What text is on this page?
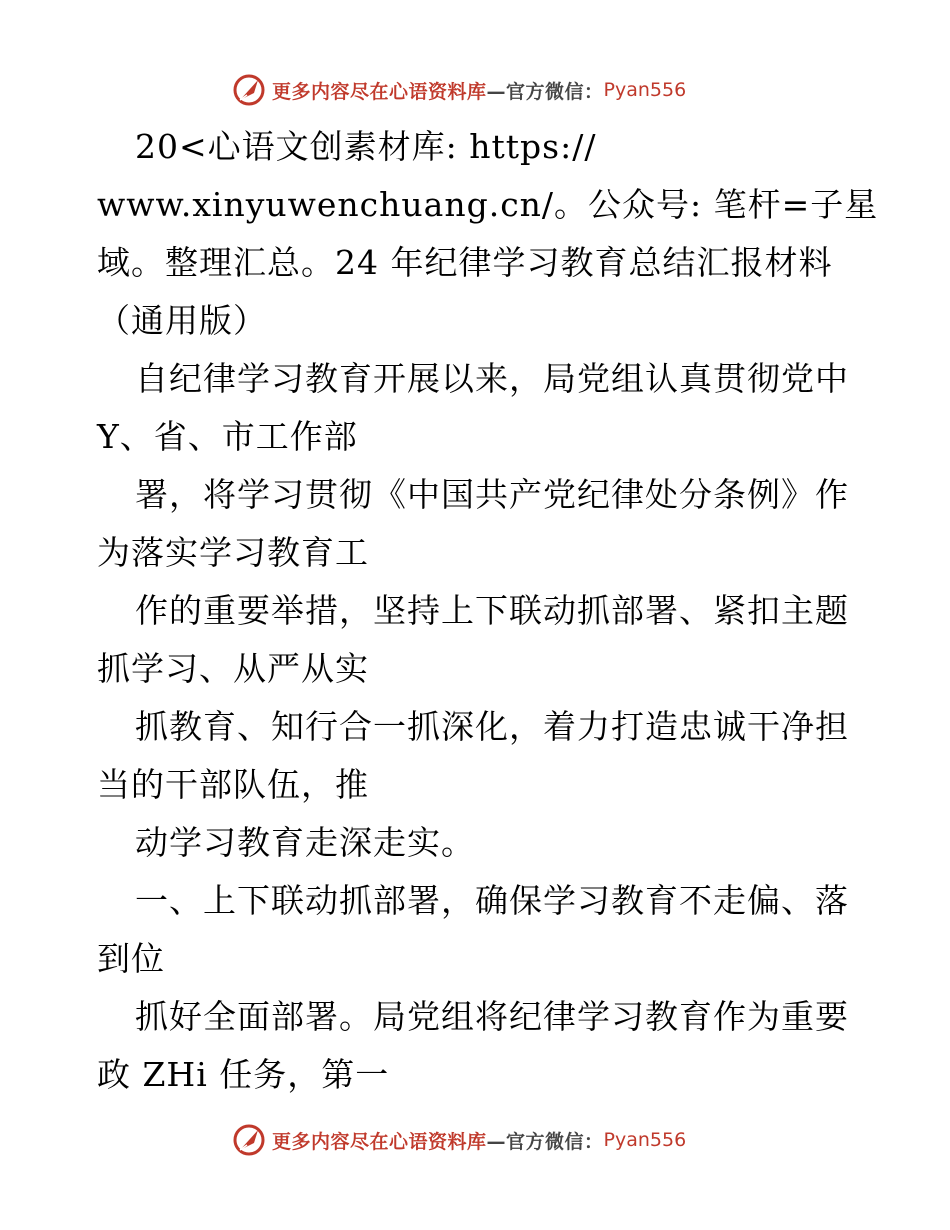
更多内容尽在心语资料库 —官方微信： Pyan556
20<心语文创素材库: https://
www.xinyuwenchuang.cn/。公众号: 笔杆=子星
域。整理汇总。24 年纪律学习教育总结汇报材料
（通用版）
自纪律学习教育开展以来，局党组认真贯彻党中
Y、省、市工作部
署，将学习贯彻《中国共产党纪律处分条例》作
为落实学习教育工
作的重要举措，坚持上下联动抓部署、紧扣主题
抓学习、从严从实
抓教育、知行合一抓深化，着力打造忠诚干净担
当的干部队伍，推
动学习教育走深走实。
一、上下联动抓部署，确保学习教育不走偏、落
到位
抓好全面部署。局党组将纪律学习教育作为重要
政 ZHi 任务，第一
更多内容尽在心语资料库 —官方微信： Pyan556
